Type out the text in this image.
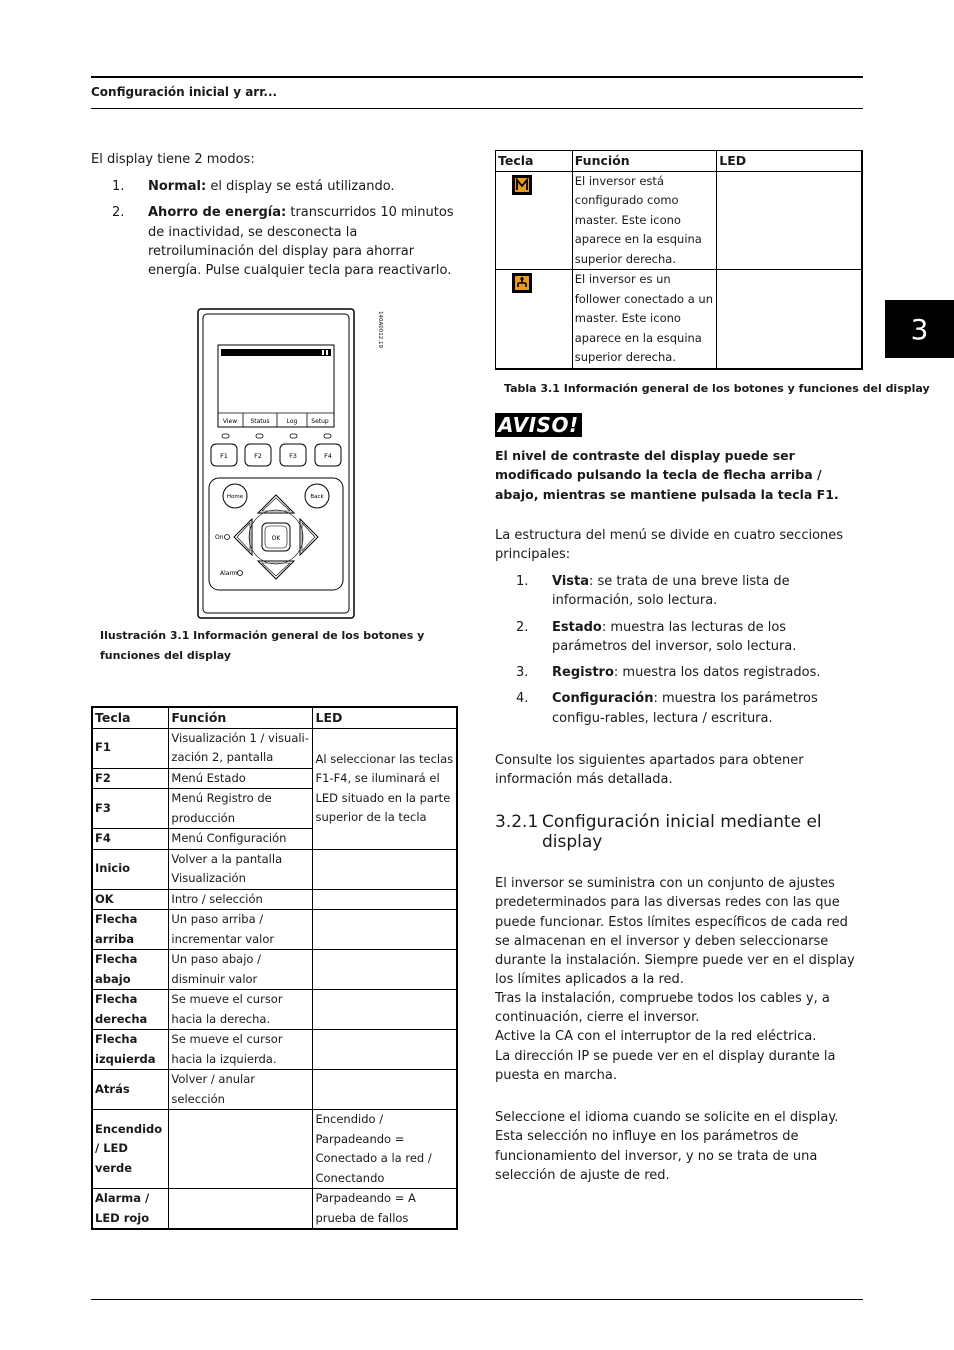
Configuración inicial y arr...
3
El display tiene 2 modos:
1. Normal: el display se está utilizando.
2. Ahorro de energía: transcurridos 10 minutos de inactividad, se desconecta la retroiluminación del display para ahorrar energía. Pulse cualquier tecla para reactivarlo.
View Status	Log Setup
F1	F2	F3	F4
Home	Back
OK
On
Alarm
140A0012.19
Ilustración 3.1 Información general de los botones y funciones del display
Tecla	Función	LED
F1	Visualización 1 / visuali-zación 2, pantalla	Al seleccionar las teclas F1-F4, se iluminará el LED situado en la parte superior de la tecla
F2	Menú Estado	
F3	Menú Registro de producción	
F4	Menú Configuración	
Inicio	Volver a la pantalla Visualización	
OK	Intro / selección	
Flecha arriba	Un paso arriba / incrementar valor	
Flecha abajo	Un paso abajo / disminuir valor	
Flecha derecha	Se mueve el cursor hacia la derecha.	
Flecha izquierda	Se mueve el cursor hacia la izquierda.	
Atrás	Volver / anular selección	
Encendido / LED verde		Encendido / Parpadeando = Conectado a la red / Conectando
Alarma / LED rojo		Parpadeando = A prueba de fallos
Tecla	Función	LED
	El inversor está configurado como master. Este icono aparece en la esquina superior derecha.	
	El inversor es un follower conectado a un master. Este icono aparece en la esquina superior derecha.	
Tabla 3.1 Información general de los botones y funciones del display
AVISO!
El nivel de contraste del display puede ser modificado pulsando la tecla de flecha arriba / abajo, mientras se mantiene pulsada la tecla F1.
La estructura del menú se divide en cuatro secciones principales:
1. Vista: se trata de una breve lista de información, solo lectura.
2. Estado: muestra las lecturas de los parámetros del inversor, solo lectura.
3. Registro: muestra los datos registrados.
4. Configuración: muestra los parámetros configu-rables, lectura / escritura.
Consulte los siguientes apartados para obtener información más detallada.
3.2.1 Configuración inicial mediante el display
El inversor se suministra con un conjunto de ajustes predeterminados para las diversas redes con las que puede funcionar. Estos límites específicos de cada red se almacenan en el inversor y deben seleccionarse durante la instalación. Siempre puede ver en el display los límites aplicados a la red.
Tras la instalación, compruebe todos los cables y, a continuación, cierre el inversor.
Active la CA con el interruptor de la red eléctrica.
La dirección IP se puede ver en el display durante la puesta en marcha.
Seleccione el idioma cuando se solicite en el display. Esta selección no influye en los parámetros de funcionamiento del inversor, y no se trata de una selección de ajuste de red.
